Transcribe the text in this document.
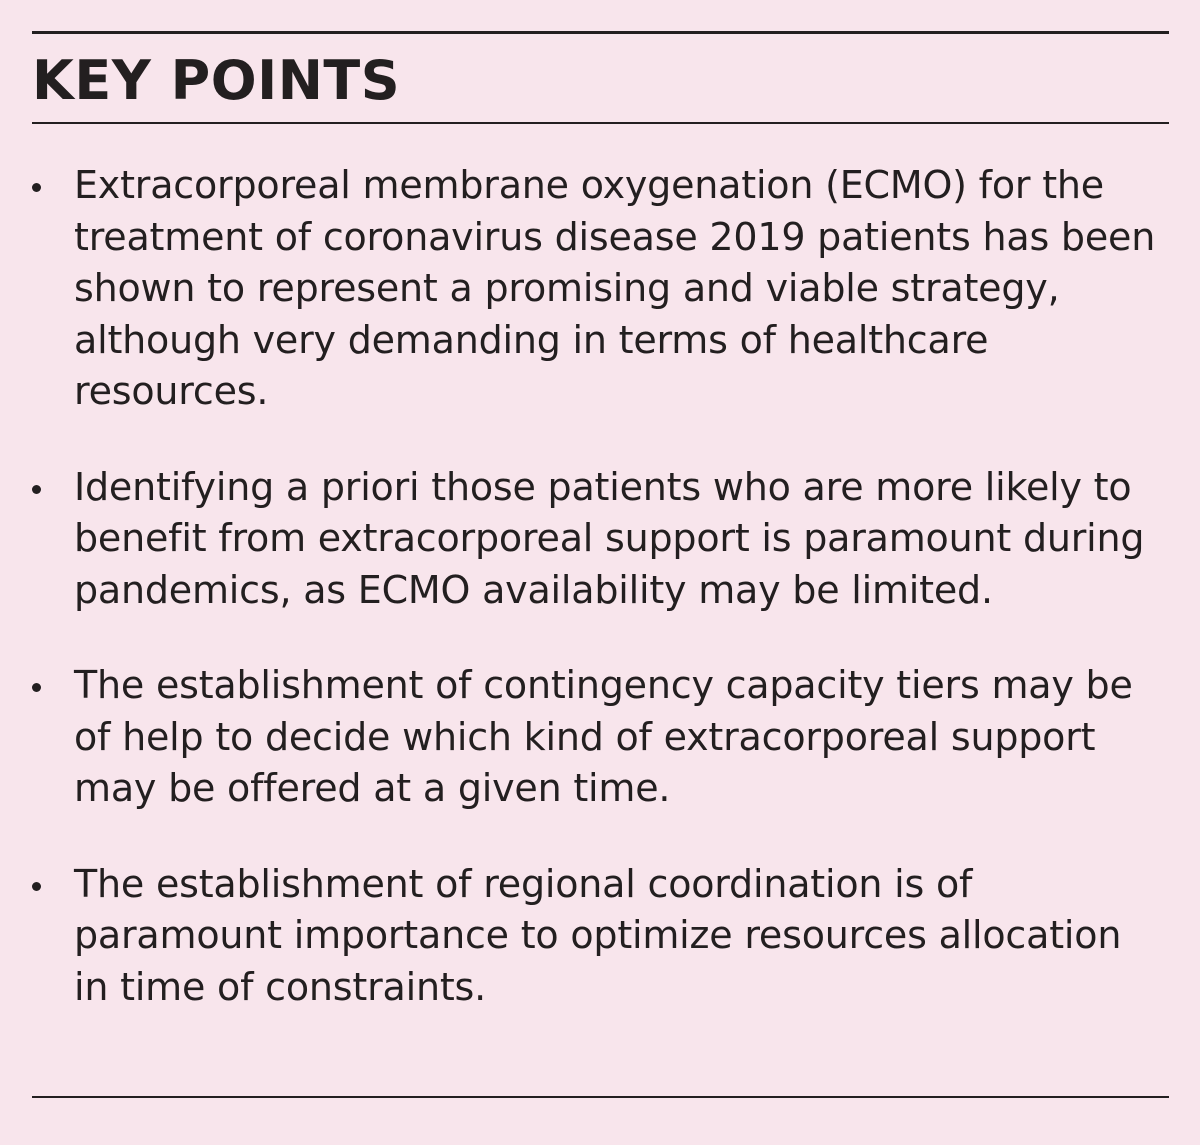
KEY POINTS
Extracorporeal membrane oxygenation (ECMO) for the treatment of coronavirus disease 2019 patients has been shown to represent a promising and viable strategy, although very demanding in terms of healthcare resources.
Identifying a priori those patients who are more likely to benefit from extracorporeal support is paramount during pandemics, as ECMO availability may be limited.
The establishment of contingency capacity tiers may be of help to decide which kind of extracorporeal support may be offered at a given time.
The establishment of regional coordination is of paramount importance to optimize resources allocation in time of constraints.
